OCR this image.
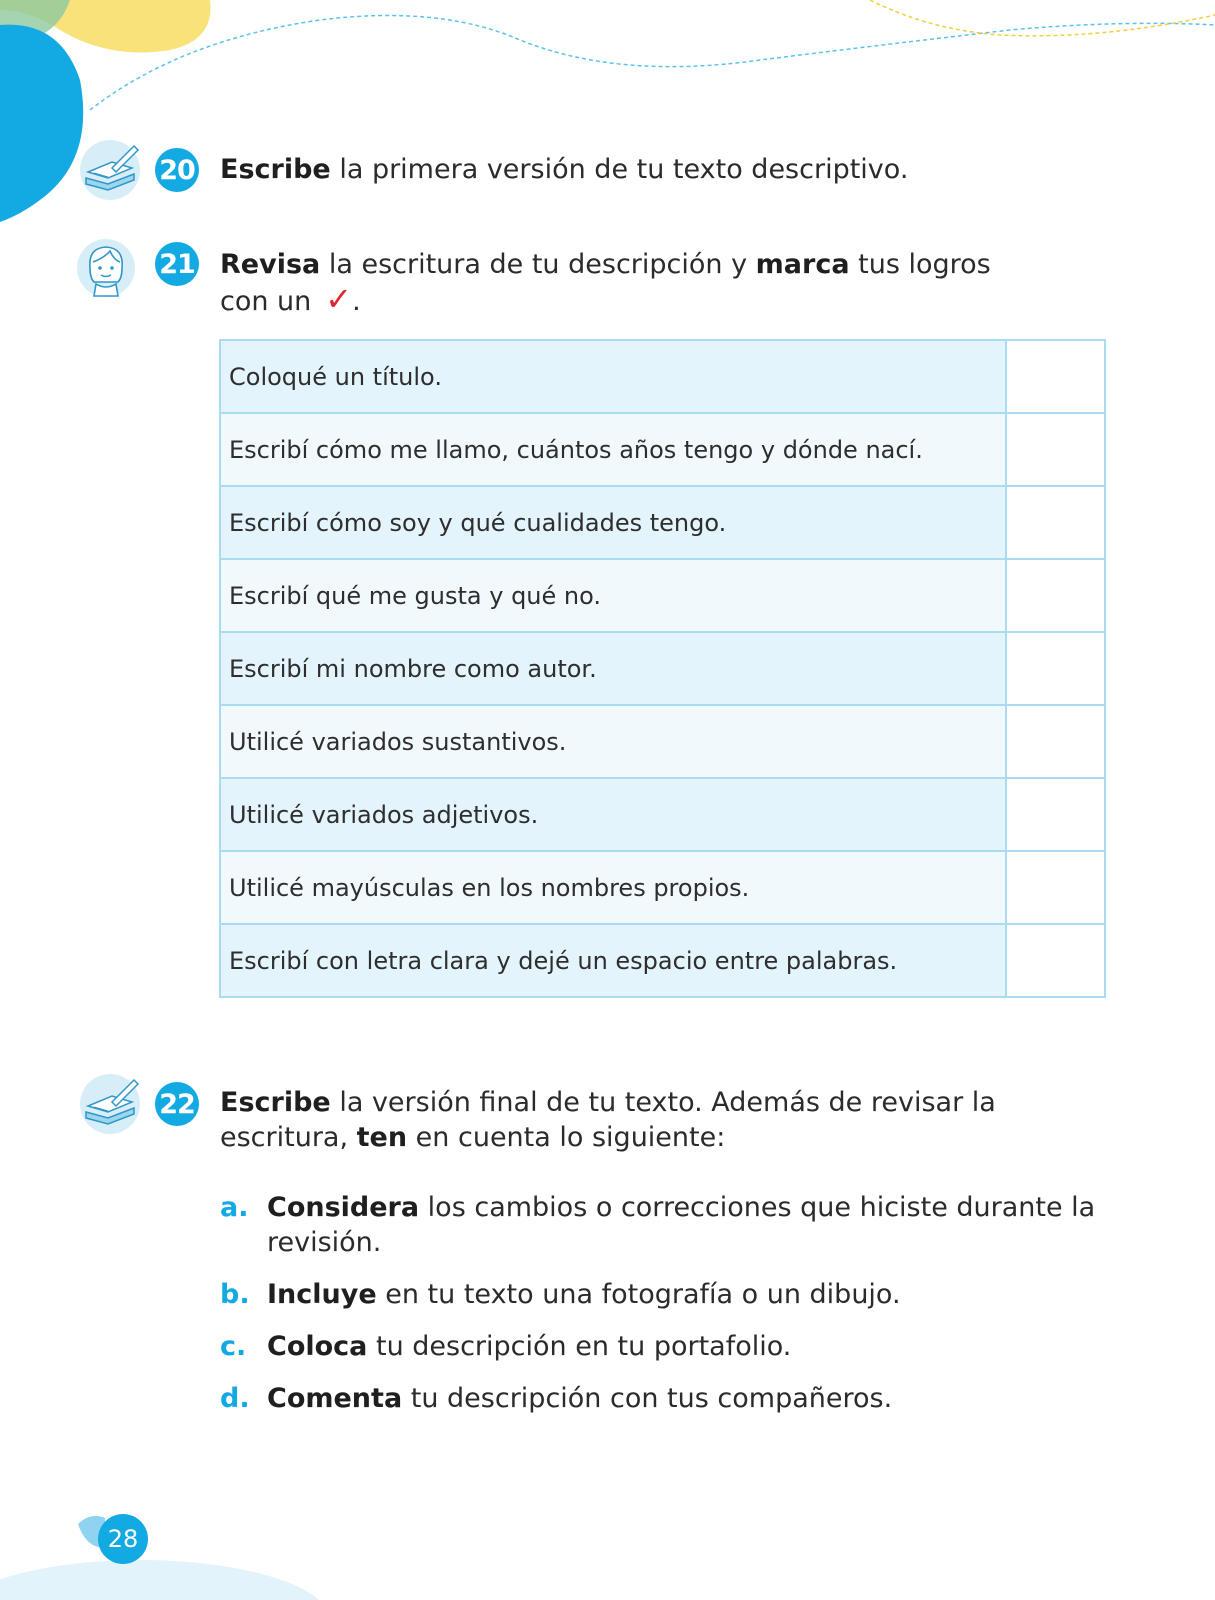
20 Escribe la primera versión de tu texto descriptivo.
21 Revisa la escritura de tu descripción y marca tus logros
con un ✓.
Coloqué un título.	
Escribí cómo me llamo, cuántos años tengo y dónde nací.	
Escribí cómo soy y qué cualidades tengo.	
Escribí qué me gusta y qué no.	
Escribí mi nombre como autor.	
Utilicé variados sustantivos.	
Utilicé variados adjetivos.	
Utilicé mayúsculas en los nombres propios.	
Escribí con letra clara y dejé un espacio entre palabras.	
22 Escribe la versión final de tu texto. Además de revisar la
escritura, ten en cuenta lo siguiente:
a. Considera los cambios o correcciones que hiciste durante la revisión.
b. Incluye en tu texto una fotografía o un dibujo.
c. Coloca tu descripción en tu portafolio.
d. Comenta tu descripción con tus compañeros.
28
